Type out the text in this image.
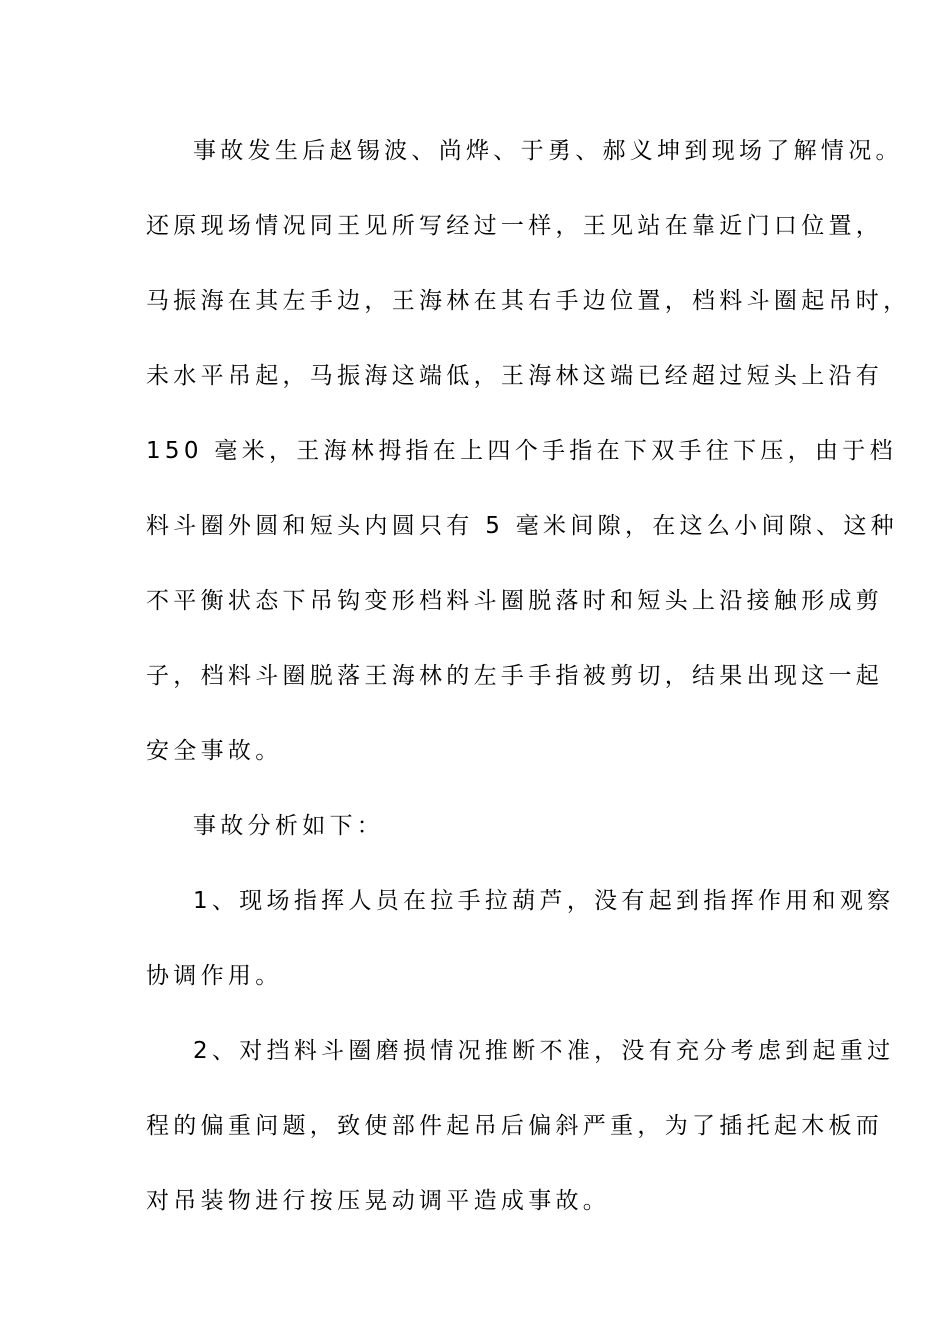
事故发生后赵锡波、尚烨、于勇、郝义坤到现场了解情况。
还原现场情况同王见所写经过一样，王见站在靠近门口位置，
马振海在其左手边，王海林在其右手边位置，档料斗圈起吊时，
未水平吊起，马振海这端低，王海林这端已经超过短头上沿有
150 毫米，王海林拇指在上四个手指在下双手往下压，由于档
料斗圈外圆和短头内圆只有 5 毫米间隙，在这么小间隙、这种
不平衡状态下吊钩变形档料斗圈脱落时和短头上沿接触形成剪
子，档料斗圈脱落王海林的左手手指被剪切，结果出现这一起
安全事故。
事故分析如下：
1、现场指挥人员在拉手拉葫芦，没有起到指挥作用和观察
协调作用。
2、对挡料斗圈磨损情况推断不准，没有充分考虑到起重过
程的偏重问题，致使部件起吊后偏斜严重，为了插托起木板而
对吊装物进行按压晃动调平造成事故。
